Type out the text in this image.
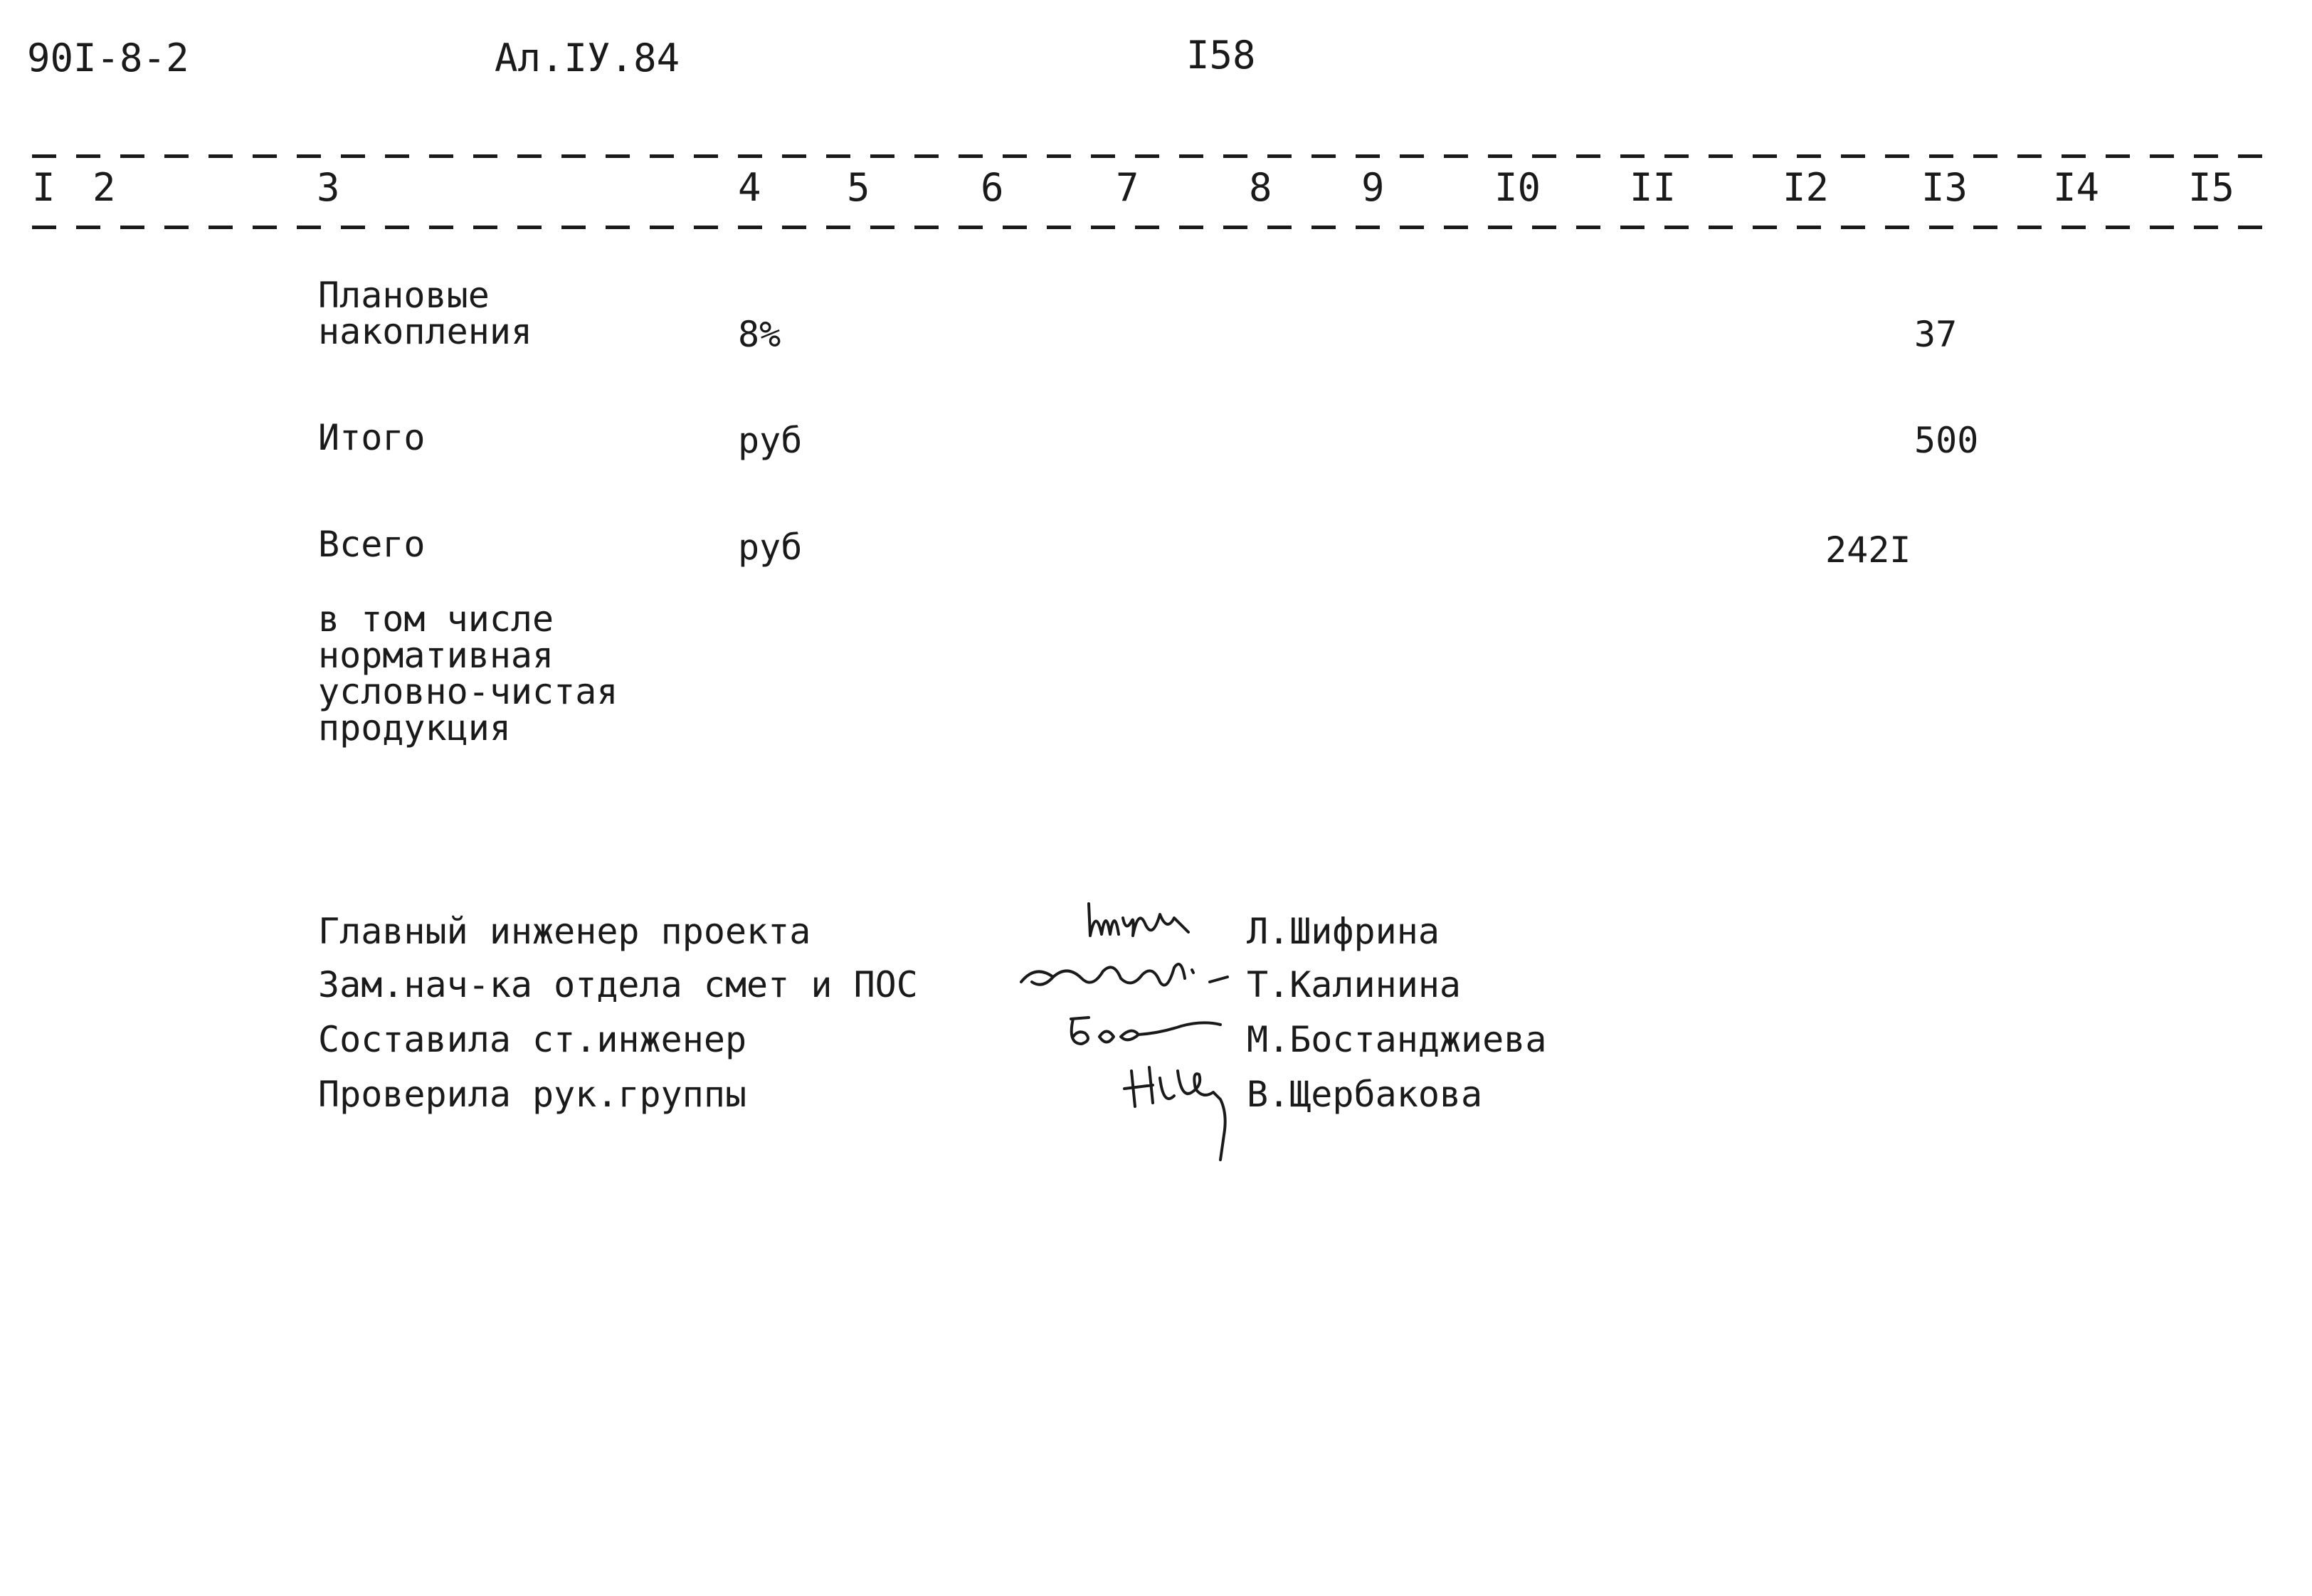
90I-8-2	Ал.IУ.84	I58
I 2	3	4 5	6	7	8 9	I0 II	I2 I3 I4 I5
Плановые
накопления	8%	37
Итого	руб	500
Всего	руб	242I
в том числе
нормативная
условно-чистая
продукция
Главный инженер проекта	Л.Шифрина
Зам.нач-ка отдела смет и ПОС	Т.Калинина
Составила ст.инженер	М.Бостанджиева
Проверила рук.группы	В.Щербакова
